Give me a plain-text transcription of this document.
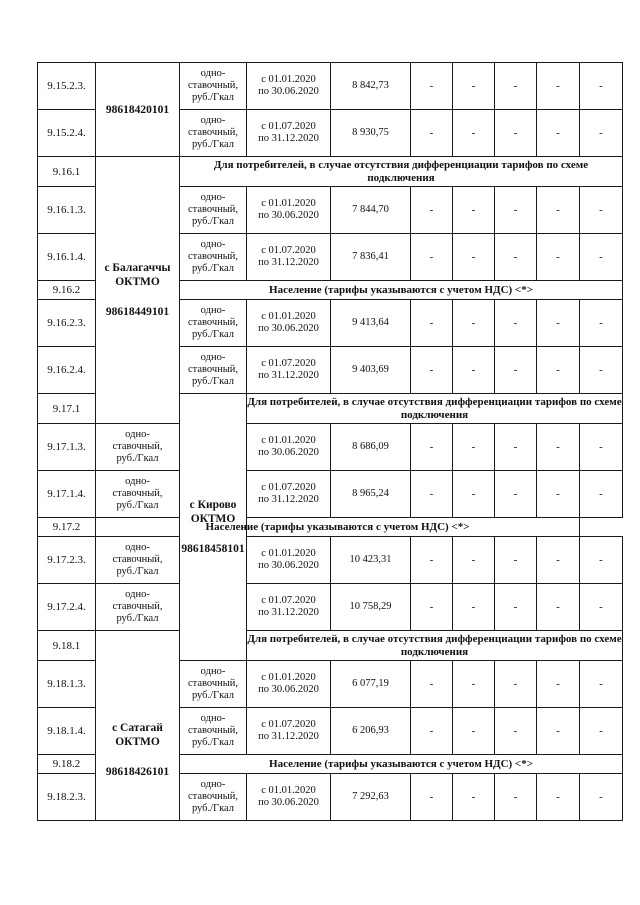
9.15.2.3.	98618420101	одно-
ставочный,
руб./Гкал	с 01.01.2020
по 30.06.2020	8 842,73	-	-	-	-	-
9.15.2.4.		одно-
ставочный,
руб./Гкал	с 01.07.2020
по 31.12.2020	8 930,75	-	-	-	-	-
9.16.1	с Балагаччы
ОКТМО
98618449101	Для потребителей, в случае отсутствия дифференциации тарифов по схеме подключения							
9.16.1.3.		одно-
ставочный,
руб./Гкал	с 01.01.2020
по 30.06.2020	7 844,70	-	-	-	-	-
9.16.1.4.		одно-
ставочный,
руб./Гкал	с 01.07.2020
по 31.12.2020	7 836,41	-	-	-	-	-
9.16.2		Население (тарифы указываются с учетом НДС) <*>							
9.16.2.3.		одно-
ставочный,
руб./Гкал	с 01.01.2020
по 30.06.2020	9 413,64	-	-	-	-	-
9.16.2.4.		одно-
ставочный,
руб./Гкал	с 01.07.2020
по 31.12.2020	9 403,69	-	-	-	-	-
9.17.1		с Кирово
ОКТМО
98618458101	Для потребителей, в случае отсутствия дифференциации тарифов по схеме подключения						
9.17.1.3.	одно-
ставочный,
руб./Гкал		с 01.01.2020
по 30.06.2020	8 686,09	-	-	-	-	-
9.17.1.4.	одно-
ставочный,
руб./Гкал		с 01.07.2020
по 31.12.2020	8 965,24	-	-	-	-	-
9.17.2	Население (тарифы указываются с учетом НДС) <*>								
9.17.2.3.	одно-
ставочный,
руб./Гкал		с 01.01.2020
по 30.06.2020	10 423,31	-	-	-	-	-
9.17.2.4.	одно-
ставочный,
руб./Гкал		с 01.07.2020
по 31.12.2020	10 758,29	-	-	-	-	-
9.18.1	с Сатагай
ОКТМО
98618426101		Для потребителей, в случае отсутствия дифференциации тарифов по схеме подключения						
9.18.1.3.		одно-
ставочный,
руб./Гкал	с 01.01.2020
по 30.06.2020	6 077,19	-	-	-	-	-
9.18.1.4.		одно-
ставочный,
руб./Гкал	с 01.07.2020
по 31.12.2020	6 206,93	-	-	-	-	-
9.18.2		Население (тарифы указываются с учетом НДС) <*>							
9.18.2.3.		одно-
ставочный,
руб./Гкал	с 01.01.2020
по 30.06.2020	7 292,63	-	-	-	-	-
